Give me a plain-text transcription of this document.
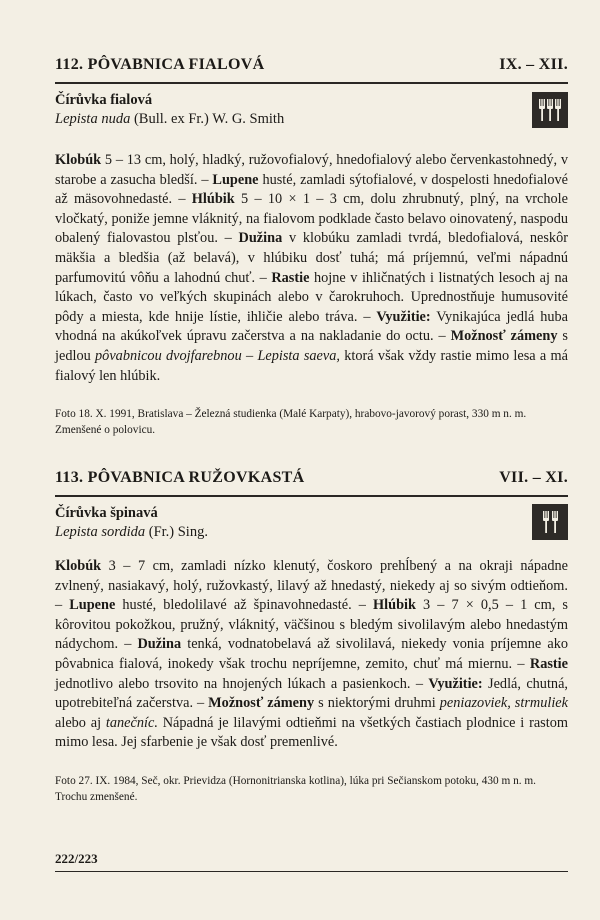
112. PÔVABNICA FIALOVÁ	IX. – XII.
Čírůvka fialová
Lepista nuda (Bull. ex Fr.) W. G. Smith

Klobúk 5 – 13 cm, holý, hladký, ružovofialový, hnedofialový alebo červenkastohnedý, v starobe a zasucha bledší. – Lupene husté, zamladi sýtofialové, v dospelosti hnedofialové až mäsovohnedasté. – Hlúbik 5 – 10 × 1 – 3 cm, dolu zhrubnutý, plný, na vrchole vločkatý, poniže jemne vláknitý, na fialovom podklade často belavo oinovatený, naspodu obalený fialovastou plsťou. – Dužina v klobúku zamladi tvrdá, bledofialová, neskôr mäkšia a bledšia (až belavá), v hlúbiku dosť tuhá; má príjemnú, veľmi nápadnú parfumovitú vôňu a lahodnú chuť. – Rastie hojne v ihličnatých i listnatých lesoch aj na lúkach, často vo veľkých skupinách alebo v čarokruhoch. Uprednostňuje humusovité pôdy a miesta, kde hnije lístie, ihličie alebo tráva. – Využitie: Vynikajúca jedlá huba vhodná na akúkoľvek úpravu začerstva a na nakladanie do octu. – Možnosť zámeny s jedlou pôvabnicou dvojfarebnou – Lepista saeva, ktorá však vždy rastie mimo lesa a má fialový len hlúbik.

Foto 18. X. 1991, Bratislava – Železná studienka (Malé Karpaty), hrabovo-javorový porast, 330 m n. m. Zmenšené o polovicu.

113. PÔVABNICA RUŽOVKASTÁ	VII. – XI.
Čírůvka špinavá
Lepista sordida (Fr.) Sing.

Klobúk 3 – 7 cm, zamladi nízko klenutý, čoskoro prehĺbený a na okraji nápadne zvlnený, nasiakavý, holý, ružovkastý, lilavý až hnedastý, niekedy aj so sivým odtieňom. – Lupene husté, bledolilavé až špinavohnedasté. – Hlúbik 3 – 7 × 0,5 – 1 cm, s kôrovitou pokožkou, pružný, vláknitý, väčšinou s bledým sivolilavým alebo hnedastým nádychom. – Dužina tenká, vodnatobelavá až sivolilavá, niekedy vonia príjemne ako pôvabnica fialová, inokedy však trochu nepríjemne, zemito, chuť má miernu. – Rastie jednotlivo alebo trsovito na hnojených lúkach a pasienkoch. – Využitie: Jedlá, chutná, upotrebiteľná začerstva. – Možnosť zámeny s niektorými druhmi peniazoviek, strmuliek alebo aj tanečníc. Nápadná je lilavými odtieňmi na všetkých častiach plodnice i rastom mimo lesa. Jej sfarbenie je však dosť premenlivé.

Foto 27. IX. 1984, Seč, okr. Prievidza (Hornonitrianska kotlina), lúka pri Sečianskom potoku, 430 m n. m. Trochu zmenšené.

222/223
